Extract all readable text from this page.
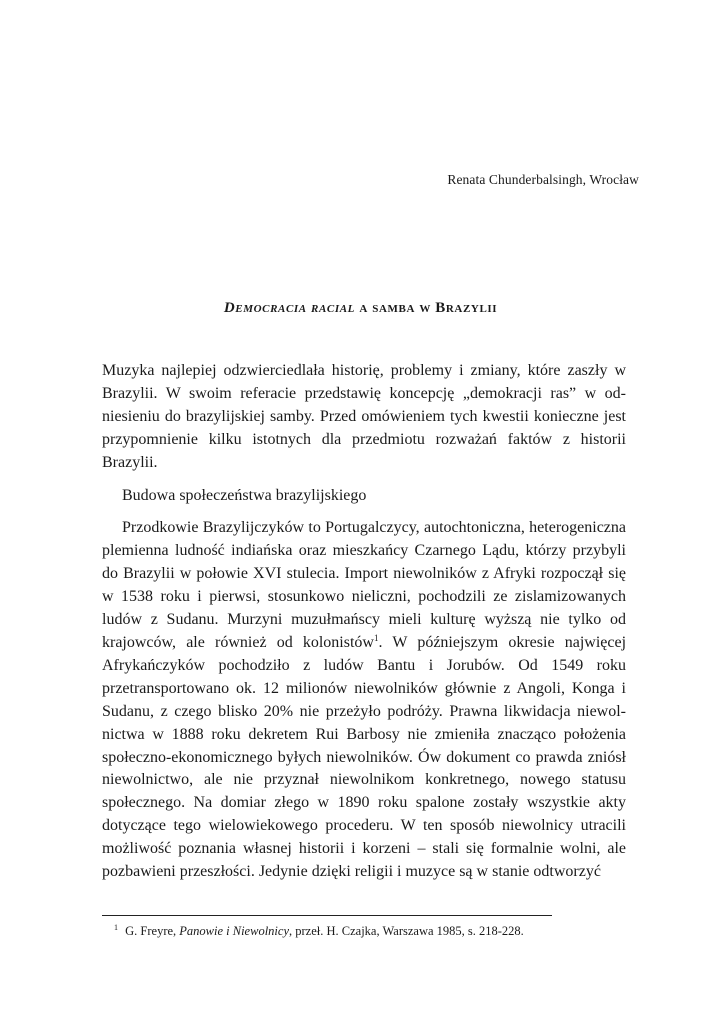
Renata Chunderbalsingh, Wrocław
Democracia racial a samba w Brazylii

Muzyka najlepiej odzwierciedlała historię, problemy i zmiany, które zaszły w Brazylii. W swoim referacie przedstawię koncepcję „demokracji ras” w odniesieniu do brazylijskiej samby. Przed omówieniem tych kwestii konieczne jest przypomnienie kilku istotnych dla przedmiotu rozważań faktów z historii Brazylii.

Budowa społeczeństwa brazylijskiego

Przodkowie Brazylijczyków to Portugalczycy, autochtoniczna, heterogeniczna plemienna ludność indiańska oraz mieszkańcy Czarnego Lądu, którzy przybyli do Brazylii w połowie XVI stulecia. Import niewolników z Afryki rozpoczął się w 1538 roku i pierwsi, stosunkowo nieliczni, pochodzili ze zislamizowanych ludów z Sudanu. Murzyni muzułmańscy mieli kulturę wyższą nie tylko od krajowców, ale również od kolonistów$^1$. W późniejszym okresie najwięcej Afrykańczyków pochodziło z ludów Bantu i Jorubów. Od 1549 roku przetransportowano ok. 12 milionów niewolników głównie z Angoli, Konga i Sudanu, z czego blisko 20% nie przeżyło podróży. Prawna likwidacja niewolnictwa w 1888 roku dekretem Rui Barbosy nie zmieniła znacząco położenia społeczno-ekonomicznego byłych niewolników. Ów dokument co prawda zniósł niewolnictwo, ale nie przyznał niewolnikom konkretnego, nowego statusu społecznego. Na domiar złego w 1890 roku spalone zostały wszystkie akty dotyczące tego wielowiekowego procederu. W ten sposób niewolnicy utracili możliwość poznania własnej historii i korzeni – stali się formalnie wolni, ale pozbawieni przeszłości. Jedynie dzięki religii i muzyce są w stanie odtworzyć

$^1$ G. Freyre, Panowie i Niewolnicy, przeł. H. Czajka, Warszawa 1985, s. 218-228.
